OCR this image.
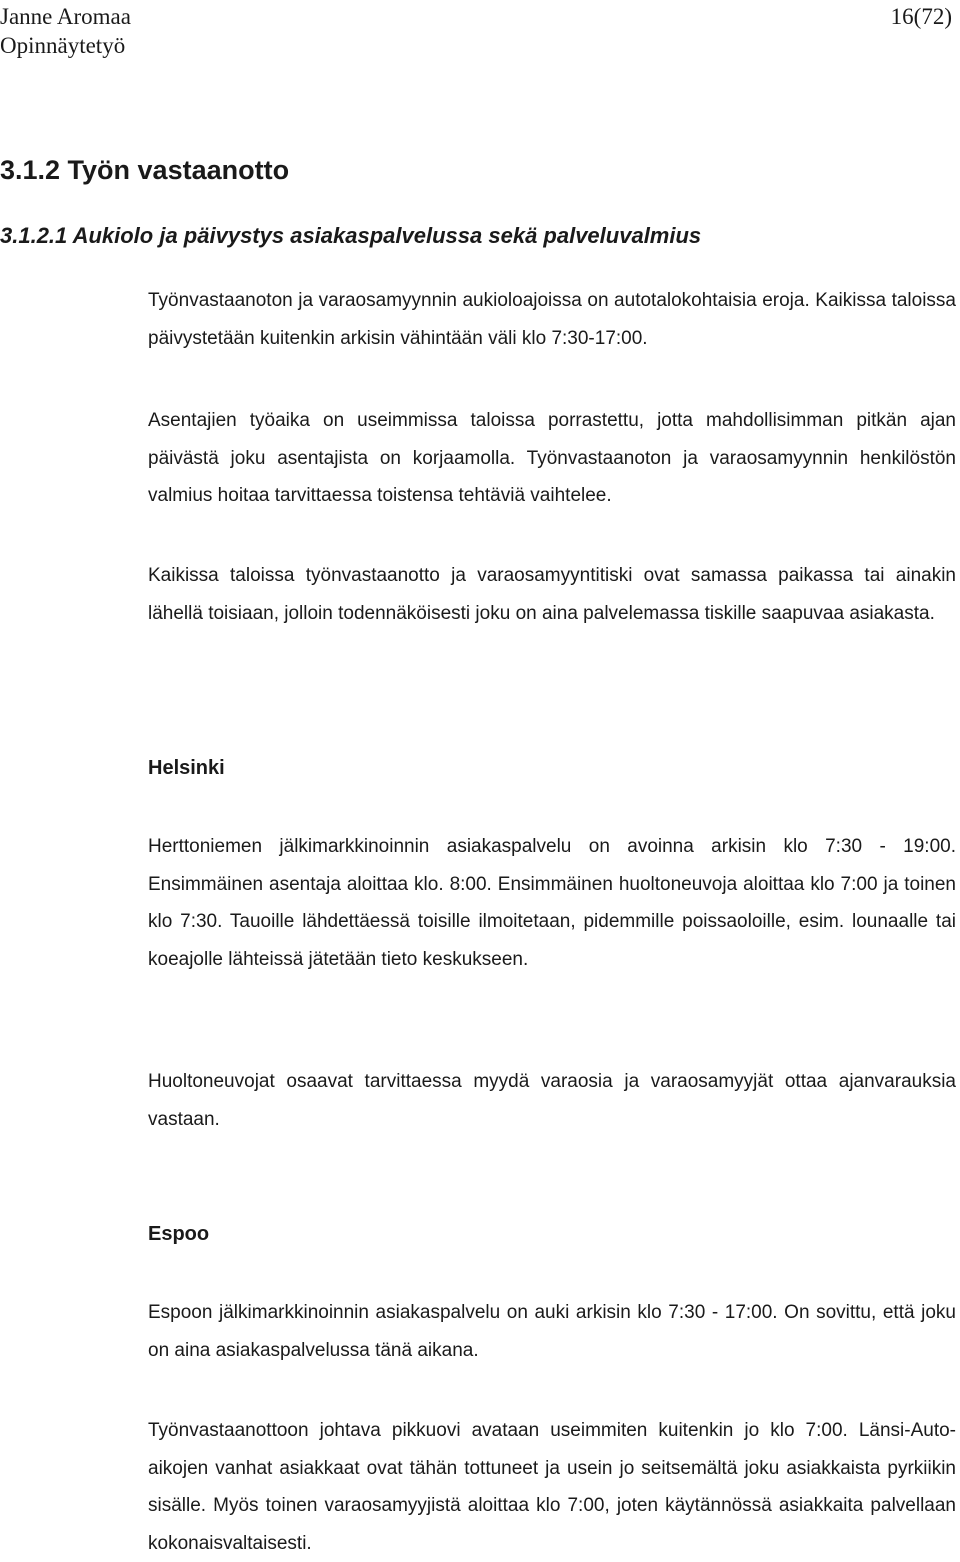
Janne Aromaa
Opinnäytetyö
16(72)
3.1.2 Työn vastaanotto
3.1.2.1 Aukiolo ja päivystys asiakaspalvelussa sekä palveluvalmius

Työnvastaanoton ja varaosamyynnin aukioloajoissa on autotalokohtaisia eroja. Kaikissa taloissa päivystetään kuitenkin arkisin vähintään väli klo 7:30-17:00.

Asentajien työaika on useimmissa taloissa porrastettu, jotta mahdollisimman pitkän ajan päivästä joku asentajista on korjaamolla. Työnvastaanoton ja varaosamyynnin henkilöstön valmius hoitaa tarvittaessa toistensa tehtäviä vaihtelee.

Kaikissa taloissa työnvastaanotto ja varaosamyyntitiski ovat samassa paikassa tai ainakin lähellä toisiaan, jolloin todennäköisesti joku on aina palvelemassa tiskille saapuvaa asiakasta.

Helsinki

Herttoniemen jälkimarkkinoinnin asiakaspalvelu on avoinna arkisin klo 7:30 - 19:00. Ensimmäinen asentaja aloittaa klo. 8:00. Ensimmäinen huoltoneuvoja aloittaa klo 7:00 ja toinen klo 7:30. Tauoille lähdettäessä toisille ilmoitetaan, pidemmille poissaoloille, esim. lounaalle tai koeajolle lähteissä jätetään tieto keskukseen.

Huoltoneuvojat osaavat tarvittaessa myydä varaosia ja varaosamyyjät ottaa ajanvarauksia vastaan.

Espoo

Espoon jälkimarkkinoinnin asiakaspalvelu on auki arkisin klo 7:30 - 17:00. On sovittu, että joku on aina asiakaspalvelussa tänä aikana.

Työnvastaanottoon johtava pikkuovi avataan useimmiten kuitenkin jo klo 7:00. Länsi-Auto-aikojen vanhat asiakkaat ovat tähän tottuneet ja usein jo seitsemältä joku asiakkaista pyrkiikin sisälle. Myös toinen varaosamyyjistä aloittaa klo 7:00, joten käytännössä asiakkaita palvellaan kokonaisvaltaisesti.
